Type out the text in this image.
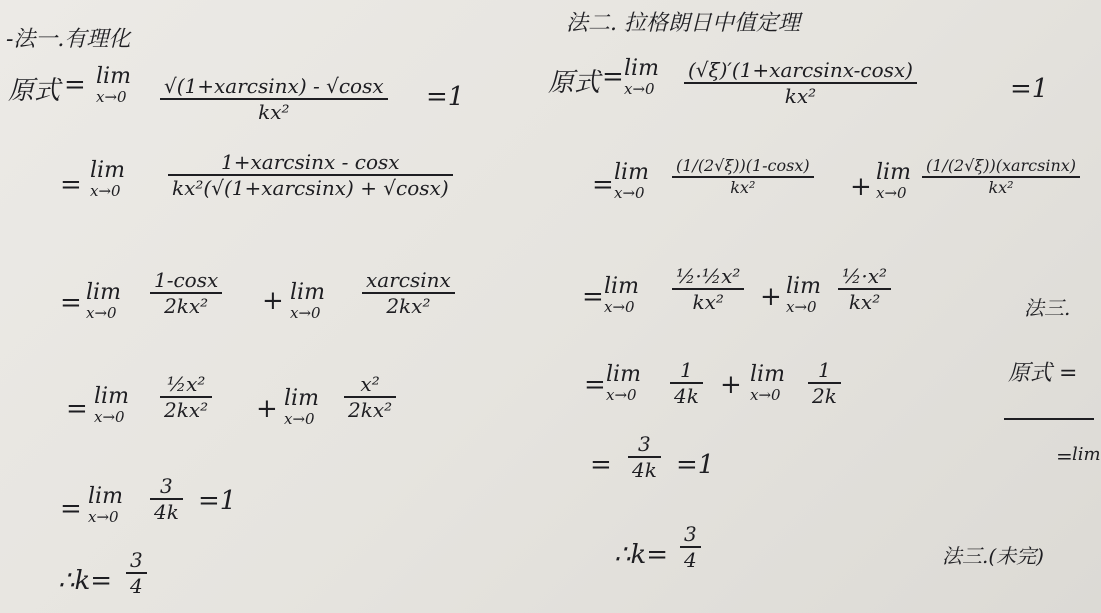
-法一.有理化
原式 = lim
x→0 √(1+xarcsinx) - √cosx
kx²	=1
= lim
x→0
1+xarcsinx - cosx
kx²(√(1+xarcsinx) + √cosx)
= lim
x→0
1-cosx
2kx² + lim
x→0
xarcsinx
2kx²
= lim
x→0
½x²
2kx² + lim
x→0
x²
2kx²
= lim
x→0
3
4k =1
∴k=
3
4
法二. 拉格朗日中值定理
原式 = lim
x→0
(√ξ)′(1+xarcsinx-cosx)
kx²	=1
= lim
x→0
(1/(2√ξ))(1-cosx)
kx²	+ lim
x→0
(1/(2√ξ))(xarcsinx)
kx²
= lim
x→0
½·½x²
kx² + lim
x→0
½·x²
kx²
= lim
x→0
1
4k + lim
x→0
1
2k
=
3
4k =1
∴k=
3
4
法三.
原式 =
= lim
法三.(未完)
